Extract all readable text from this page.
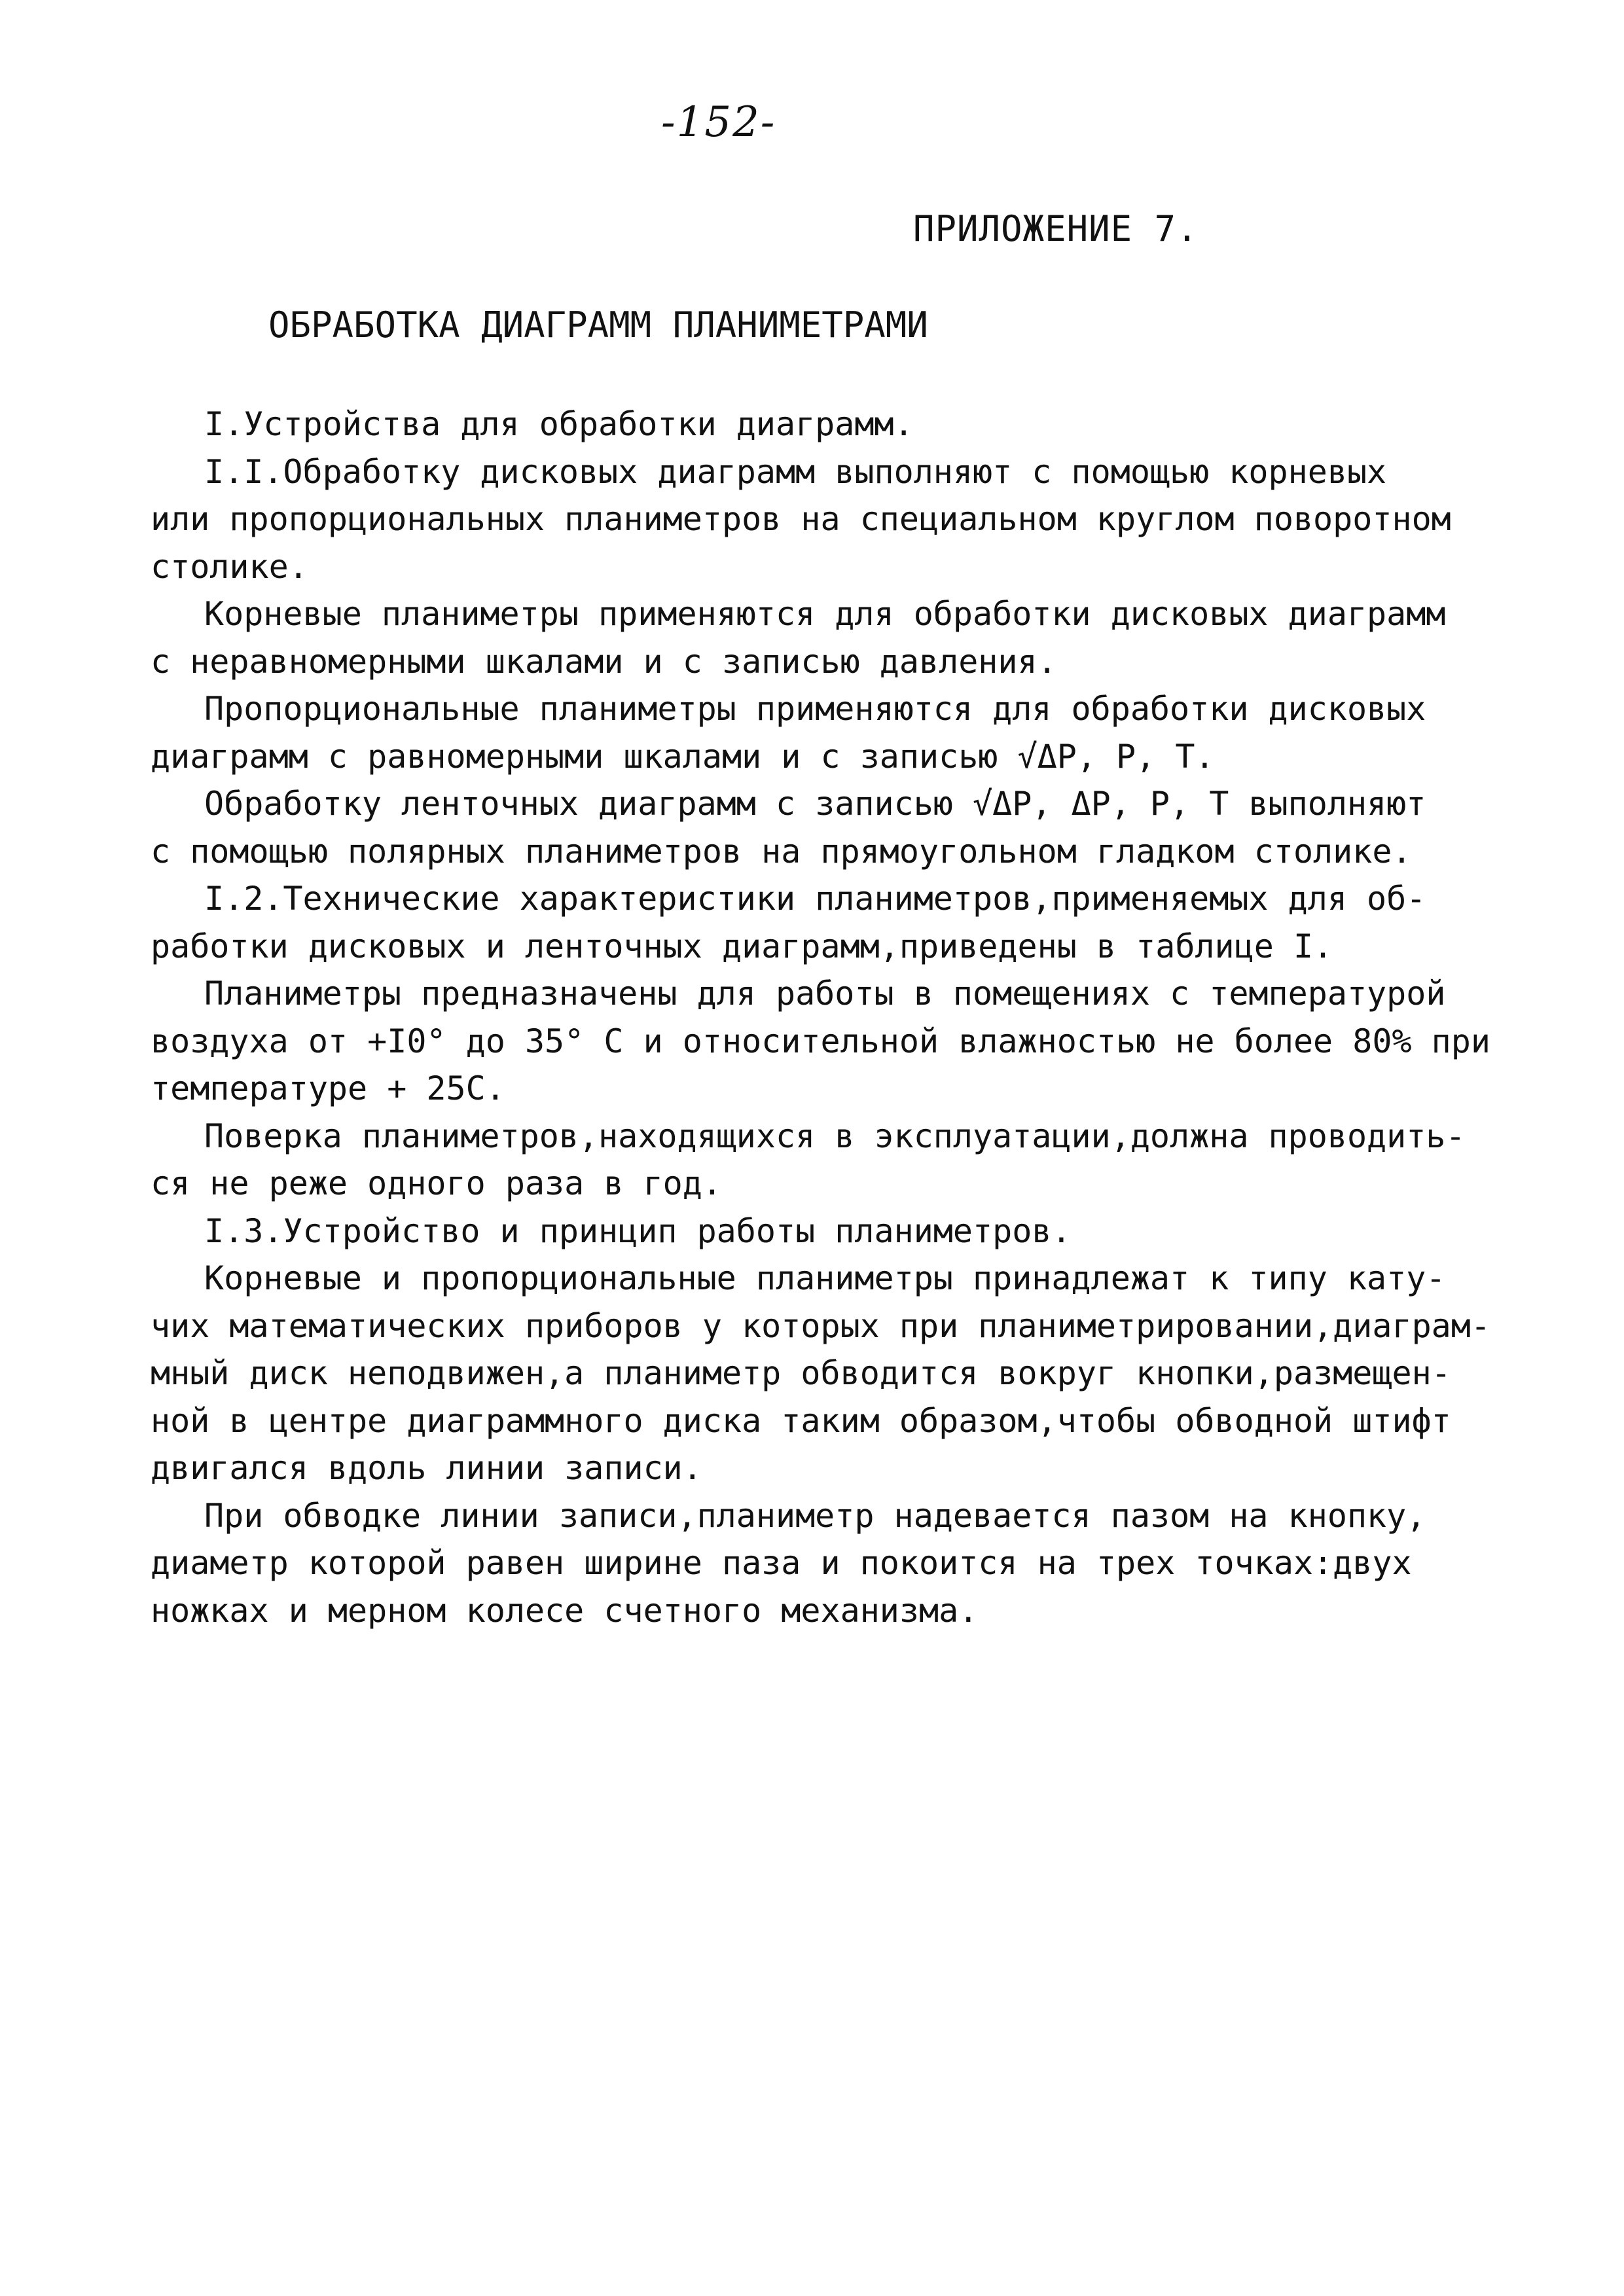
-152-
ПРИЛОЖЕНИЕ 7.
ОБРАБОТКА ДИАГРАММ ПЛАНИМЕТРАМИ
I.Устройства для обработки диаграмм.
I.I.Обработку дисковых диаграмм выполняют с помощью корневых
или пропорциональных планиметров на специальном круглом поворотном
столике.
Корневые планиметры применяются для обработки дисковых диаграмм
с неравномерными шкалами и с записью давления.
Пропорциональные планиметры применяются для обработки дисковых
диаграмм с равномерными шкалами и с записью √ΔP, P, T.
Обработку ленточных диаграмм с записью √ΔP, ΔP, P, T выполняют
с помощью полярных планиметров на прямоугольном гладком столике.
I.2.Технические характеристики планиметров,применяемых для об-
работки дисковых и ленточных диаграмм,приведены в таблице I.
Планиметры предназначены для работы в помещениях с температурой
воздуха от +I0° до 35° С и относительной влажностью не более 80% при
температуре + 25С.
Поверка планиметров,находящихся в эксплуатации,должна проводить-
ся не реже одного раза в год.
I.3.Устройство и принцип работы планиметров.
Корневые и пропорциональные планиметры принадлежат к типу кату-
чих математических приборов у которых при планиметрировании,диаграм-
мный диск неподвижен,а планиметр обводится вокруг кнопки,размещен-
ной в центре диаграммного диска таким образом,чтобы обводной штифт
двигался вдоль линии записи.
При обводке линии записи,планиметр надевается пазом на кнопку,
диаметр которой равен ширине паза и покоится на трех точках:двух
ножках и мерном колесе счетного механизма.
